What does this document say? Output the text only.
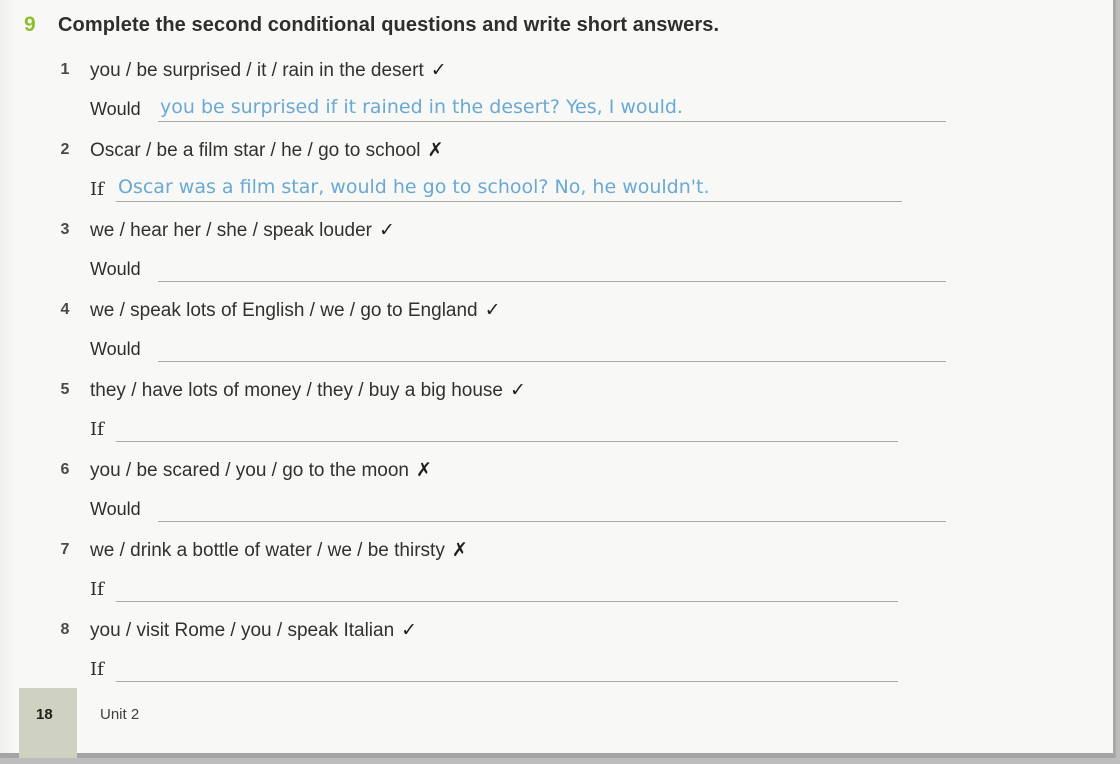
9 Complete the second conditional questions and write short answers.
1 you / be surprised / it / rain in the desert ✓
Would you be surprised if it rained in the desert? Yes, I would.
2 Oscar / be a film star / he / go to school ✗
If Oscar was a film star, would he go to school? No, he wouldn't.
3 we / hear her / she / speak louder ✓
Would
4 we / speak lots of English / we / go to England ✓
Would
5 they / have lots of money / they / buy a big house ✓
If
6 you / be scared / you / go to the moon ✗
Would
7 we / drink a bottle of water / we / be thirsty ✗
If
8 you / visit Rome / you / speak Italian ✓
If
18	Unit 2
